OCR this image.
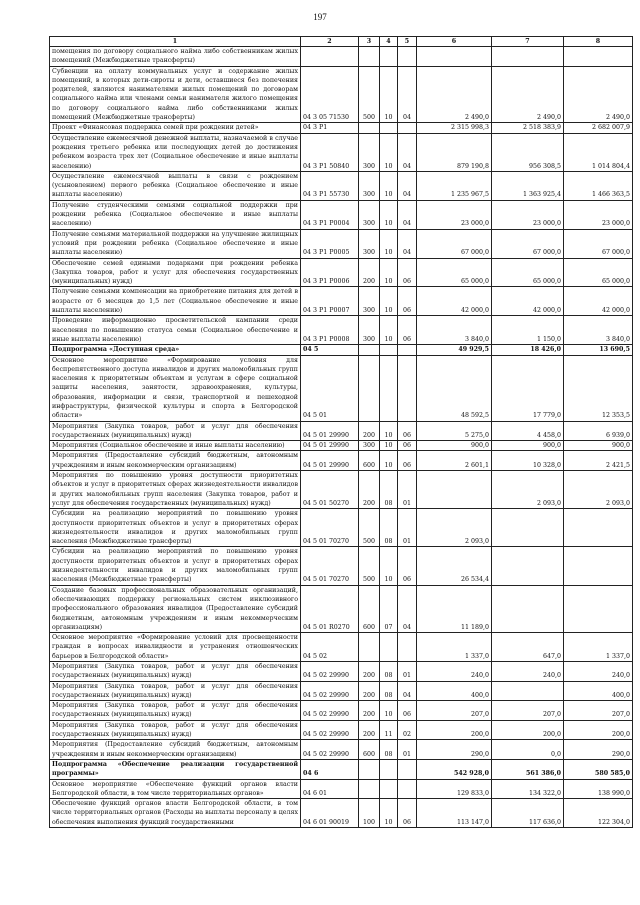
197
1	2	3	4	5	6	7	8
помещения по договору социального найма либо собственникам жилых помещений (Межбюджетные трансферты)							
Субвенции на оплату коммунальных услуг и содержание жилых помещений, в которых дети-сироты и дети, оставшиеся без попечения родителей, являются нанимателями жилых помещений по договорам социального найма или членами семьи нанимателя жилого помещения по договору социального найма либо собственниками жилых помещений (Межбюджетные трансферты)	04 3 05 71530	500	10	04	2 490,0	2 490,0	2 490,0
Проект «Финансовая поддержка семей при рождении детей»	04 3 P1				2 315 998,3	2 518 383,9	2 682 007,9
Осуществление ежемесячной денежной выплаты, назначаемой в случае рождения третьего ребенка или последующих детей до достижения ребенком возраста трех лет (Социальное обеспечение и иные выплаты населению)	04 3 P1 50840	300	10	04	879 190,8	956 308,5	1 014 804,4
Осуществление ежемесячной выплаты в связи с рождением (усыновлением) первого ребенка (Социальное обеспечение и иные выплаты населению)	04 3 P1 55730	300	10	04	1 235 967,5	1 363 925,4	1 466 363,5
Получение студенческими семьями социальной поддержки при рождении ребенка (Социальное обеспечение и иные выплаты населению)	04 3 P1 P0004	300	10	04	23 000,0	23 000,0	23 000,0
Получение семьями материальной поддержки на улучшение жилищных условий при рождении ребенка (Социальное обеспечение и иные выплаты населению)	04 3 P1 P0005	300	10	04	67 000,0	67 000,0	67 000,0
Обеспечение семей едиными подарками при рождении ребенка (Закупка товаров, работ и услуг для обеспечения государственных (муниципальных) нужд)	04 3 P1 P0006	200	10	06	65 000,0	65 000,0	65 000,0
Получение семьями компенсации на приобретение питания для детей в возрасте от 6 месяцев до 1,5 лет (Социальное обеспечение и иные выплаты населению)	04 3 P1 P0007	300	10	06	42 000,0	42 000,0	42 000,0
Проведение информационно просветительской кампании среди населения по повышению статуса семьи (Социальное обеспечение и иные выплаты населению)	04 3 P1 P0008	300	10	06	3 840,0	1 150,0	3 840,0
Подпрограмма «Доступная среда»	04 5				49 929,5	18 426,0	13 690,5
Основное мероприятие «Формирование условия для беспрепятственного доступа инвалидов и других маломобильных групп населения к приоритетным объектам и услугам в сфере социальной защиты населения, занятости, здравоохранения, культуры, образования, информации и связи, транспортной и пешеходной инфраструктуры, физической культуры и спорта в Белгородской области»	04 5 01				48 592,5	17 779,0	12 353,5
Мероприятия (Закупка товаров, работ и услуг для обеспечения государственных (муниципальных) нужд)	04 5 01 29990	200	10	06	5 275,0	4 458,0	6 939,0
Мероприятия (Социальное обеспечение и иные выплаты населению)	04 5 01 29990	300	10	06	900,0	900,0	900,0
Мероприятия (Предоставление субсидий бюджетным, автономным учреждениям и иным некоммерческим организациям)	04 5 01 29990	600	10	06	2 601,1	10 328,0	2 421,5
Мероприятия по повышению уровня доступности приоритетных объектов и услуг в приоритетных сферах жизнедеятельности инвалидов и других маломобильных групп населения (Закупка товаров, работ и услуг для обеспечения государственных (муниципальных) нужд)	04 5 01 50270	200	08	01		2 093,0	2 093,0
Субсидии на реализацию мероприятий по повышению уровня доступности приоритетных объектов и услуг в приоритетных сферах жизнедеятельности инвалидов и других маломобильных групп населения (Межбюджетные трансферты)	04 5 01 70270	500	08	01	2 093,0		
Субсидии на реализацию мероприятий по повышению уровня доступности приоритетных объектов и услуг в приоритетных сферах жизнедеятельности инвалидов и других маломобильных групп населения (Межбюджетные трансферты)	04 5 01 70270	500	10	06	26 534,4		
Создание базовых профессиональных образовательных организаций, обеспечивающих поддержку региональных систем инклюзивного профессионального образования инвалидов (Предоставление субсидий бюджетным, автономным учреждениям и иным некоммерческим организациям)	04 5 01 R0270	600	07	04	11 189,0		
Основное мероприятие «Формирование условий для просвещенности граждан в вопросах инвалидности и устранения отношенческих барьеров в Белгородской области»	04 5 02				1 337,0	647,0	1 337,0
Мероприятия (Закупка товаров, работ и услуг для обеспечения государственных (муниципальных) нужд)	04 5 02 29990	200	08	01	240,0	240,0	240,0
Мероприятия (Закупка товаров, работ и услуг для обеспечения государственных (муниципальных) нужд)	04 5 02 29990	200	08	04	400,0		400,0
Мероприятия (Закупка товаров, работ и услуг для обеспечения государственных (муниципальных) нужд)	04 5 02 29990	200	10	06	207,0	207,0	207,0
Мероприятия (Закупка товаров, работ и услуг для обеспечения государственных (муниципальных) нужд)	04 5 02 29990	200	11	02	200,0	200,0	200,0
Мероприятия (Предоставление субсидий бюджетным, автономным учреждениям и иным некоммерческим организациям)	04 5 02 29990	600	08	01	290,0	0,0	290,0
Подпрограмма «Обеспечение реализации государственной программы»	04 6				542 928,0	561 386,0	580 585,0
Основное мероприятие «Обеспечение функций органов власти Белгородской области, в том числе территориальных органов»	04 6 01				129 833,0	134 322,0	138 990,0
Обеспечение функций органов власти Белгородской области, в том числе территориальных органов (Расходы на выплаты персоналу в целях обеспечения выполнения функций государственными	04 6 01 90019	100	10	06	113 147,0	117 636,0	122 304,0
